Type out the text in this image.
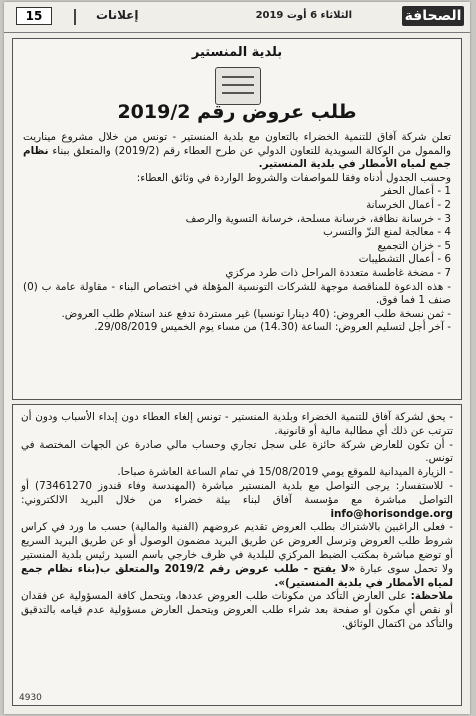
الصحافة
الثلاثاء 6 أوت 2019
إعلانات
15
بلدية المنستير
طلب عروض رقم 2019/2

تعلن شركة آفاق للتنمية الخضراء بالتعاون مع بلدية المنستير - تونس من خلال مشروع ميناريت والممول من الوكالة السويدية للتعاون الدولي عن طرح العطاء رقم (2019/2) والمتعلق ببناء نظام جمع لمياه الأمطار في بلدية المنستير.

وحسب الجدول أدناه وفقا للمواصفات والشروط الواردة في وثائق العطاء:

1 - أعمال الحفر
2 - أعمال الخرسانة
3 - خرسانة نظافة، خرسانة مسلحة، خرسانة التسوية والرصف
4 - معالجة لمنع النزّ والتسرب
5 - خزان التجميع
6 - أعمال التشطيبات
7 - مضخة غاطسة متعددة المراحل ذات طرد مركزي

- هذه الدعوة للمناقصة موجهة للشركات التونسية المؤهلة في اختصاص البناء - مقاولة عامة ب (0) صنف 1 فما فوق.

- ثمن نسخة طلب العروض: (40 دينارا تونسيا) غير مستردة تدفع عند استلام طلب العروض.

- آخر أجل لتسليم العروض: الساعة (14.30) من مساء يوم الخميس 29/08/2019.

- يحق لشركة آفاق للتنمية الخضراء وبلدية المنستير - تونس إلغاء العطاء دون إبداء الأسباب ودون أن تترتب عن ذلك أي مطالبة مالية أو قانونية.

- أن تكون للعارض شركة حائزة على سجل تجاري وحساب مالي صادرة عن الجهات المختصة في تونس.

- الزيارة الميدانية للموقع يومي 15/08/2019 في تمام الساعة العاشرة صباحا.

- للاستفسار: يرجى التواصل مع بلدية المنستير مباشرة (المهندسة وفاء قندوز 73461270) أو التواصل مباشرة مع مؤسسة آفاق لبناء بيئة خضراء من خلال البريد الالكتروني: info@horisondge.org

- فعلى الراغبين بالاشتراك بطلب العروض تقديم عروضهم (الفنية والمالية) حسب ما ورد في كراس شروط طلب العروض وترسل العروض عن طريق البريد مضمون الوصول أو عن طريق البريد السريع أو توضع مباشرة بمكتب الضبط المركزي للبلدية في ظرف خارجي باسم السيد رئيس بلدية المنستير ولا تحمل سوى عبارة «لا يفتح - طلب عروض رقم 2019/2 والمتعلق ب(بناء نظام جمع لمياه الأمطار في بلدية المنستير)».

ملاحظة: على العارض التأكد من مكونات طلب العروض عددها، ويتحمل كافة المسؤولية عن فقدان أو نقص أي مكون أو صفحة بعد شراء طلب العروض ويتحمل العارض مسؤولية عدم قيامه بالتدقيق والتأكد من اكتمال الوثائق.

4930
